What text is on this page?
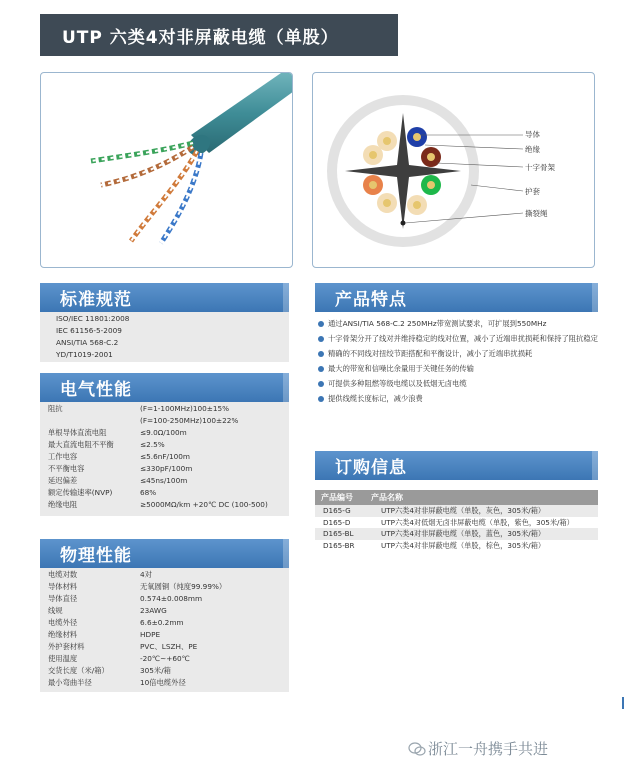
UTP 六类4对非屏蔽电缆（单股）
导体
绝缘
十字骨架
护套
撕裂绳
标准规范
ISO/IEC 11801:2008
IEC 61156-5-2009
ANSI/TIA 568-C.2
YD/T1019-2001
电气性能
阻抗	(F=1-100MHz)100±15%
(F=100-250MHz)100±22%
单根导体直流电阻	≤9.0Ω/100m
最大直流电阻不平衡	≤2.5%
工作电容	≤5.6nF/100m
不平衡电容	≤330pF/100m
延迟偏差	≤45ns/100m
额定传输速率(NVP)	68%
绝缘电阻	≥5000MΩ/km +20℃ DC (100-500)
物理性能
电缆对数	4对
导体材料	无氧圆铜（纯度99.99%）
导体直径	0.574±0.008mm
线规	23AWG
电缆外径	6.6±0.2mm
绝缘材料	HDPE
外护套材料	PVC、LSZH、PE
使用温度	-20℃~+60℃
交货长度（米/箱）	305米/箱
最小弯曲半径	10倍电缆外径
产品特点
通过ANSI/TIA 568-C.2 250MHz带宽测试要求，可扩展到550MHz
十字骨架分开了线对并维持稳定的线对位置，减小了近端串扰损耗和保持了阻抗稳定
精确的不同线对扭绞节距搭配和平衡设计，减小了近端串扰损耗
最大的带宽和信噪比余量用于关键任务的传输
可提供多种阻燃等级电缆以及低烟无卤电缆
提供线缆长度标记，减少浪费
订购信息
产品编号 产品名称
D165-G	UTP六类4对非屏蔽电缆（单股，灰色，305米/箱）
D165-D	UTP六类4对低烟无卤非屏蔽电缆（单股，紫色，305米/箱）
D165-BL	UTP六类4对非屏蔽电缆（单股，蓝色，305米/箱）
D165-BR	UTP六类4对非屏蔽电缆（单股，棕色，305米/箱）
浙江一舟携手共进
